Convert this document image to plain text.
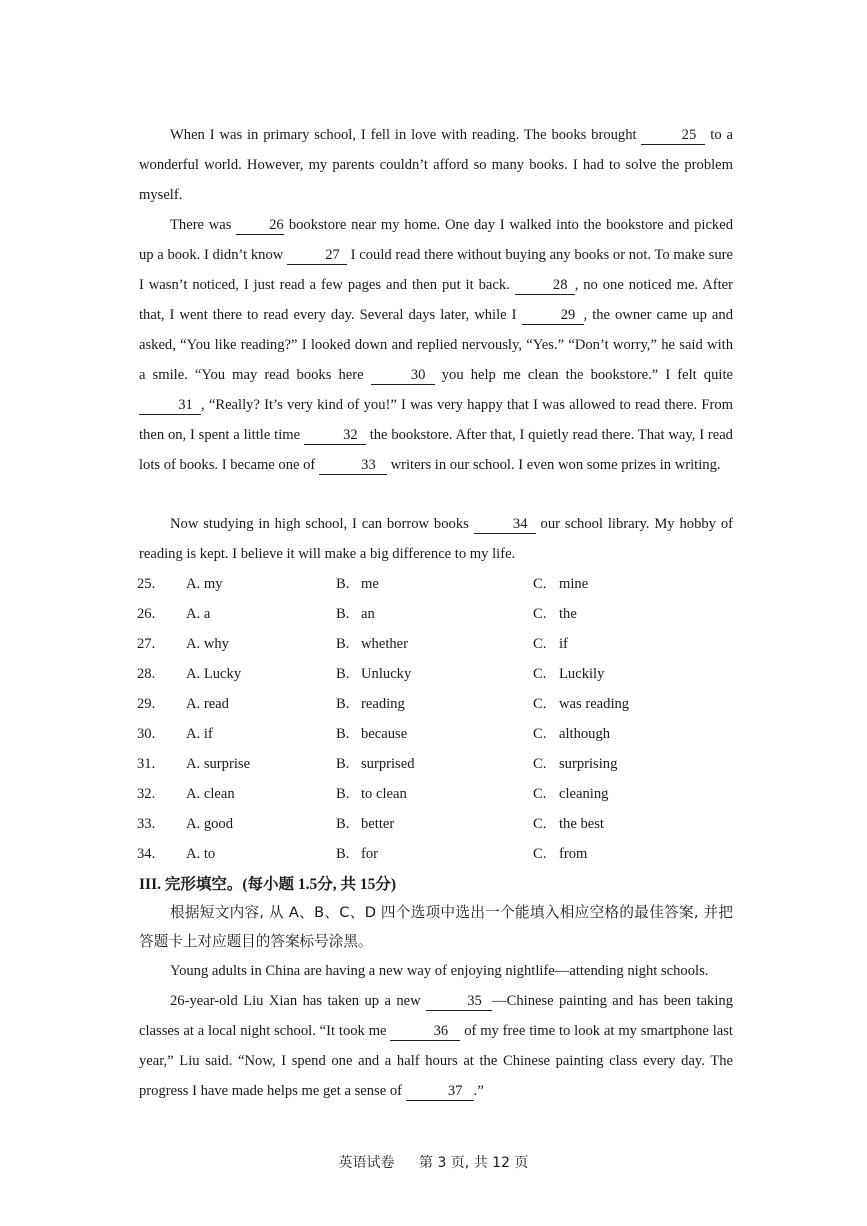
When I was in primary school, I fell in love with reading. The books brought	25 to a wonderful world. However, my parents couldn’t afford so many books. I had to solve the problem myself.
There was 26 bookstore near my home. One day I walked into the bookstore and picked up a book. I didn’t know	27 I could read there without buying any books or not. To make sure I wasn’t noticed, I just read a few pages and then put it back.	28 , no one noticed me. After that, I went there to read every day. Several days later, while I	29 , the owner came up and asked, “You like reading?” I looked down and replied nervously, “Yes.” “Don’t worry,” he said with a smile. “You may read books here	30 you help me clean the bookstore.” I felt quite 31 , “Really? It’s very kind of you!” I was very happy that I was allowed to read there. From then on, I spent a little time	32 the bookstore. After that, I quietly read there. That way, I read lots of books. I became one of	33 writers in our school. I even won some prizes in writing.
Now studying in high school, I can borrow books	34 our school library. My hobby of reading is kept. I believe it will make a big difference to my life.
25. A. my	B. me	C. mine
26. A. a	B. an	C. the
27. A. why	B. whether	C. if
28. A. Lucky	B. Unlucky	C. Luckily
29. A. read	B. reading	C. was reading
30. A. if	B. because	C. although
31. A. surprise	B. surprised	C. surprising
32. A. clean	B. to clean	C. cleaning
33. A. good	B. better	C. the best
34. A. to	B. for	C. from
III. 完形填空。(每小题 1.5分, 共 15分)
根据短文内容, 从 A、B、C、D 四个选项中选出一个能填入相应空格的最佳答案, 并把答题卡上对应题目的答案标号涂黑。
Young adults in China are having a new way of enjoying nightlife—attending night schools.
26-year-old Liu Xian has taken up a new	35 —Chinese painting and has been taking classes at a local night school. “It took me	36 of my free time to look at my smartphone last year,” Liu said. “Now, I spend one and a half hours at the Chinese painting class every day. The progress I have made helps me get a sense of	37 .”
英语试卷 第 3 页, 共 12 页
